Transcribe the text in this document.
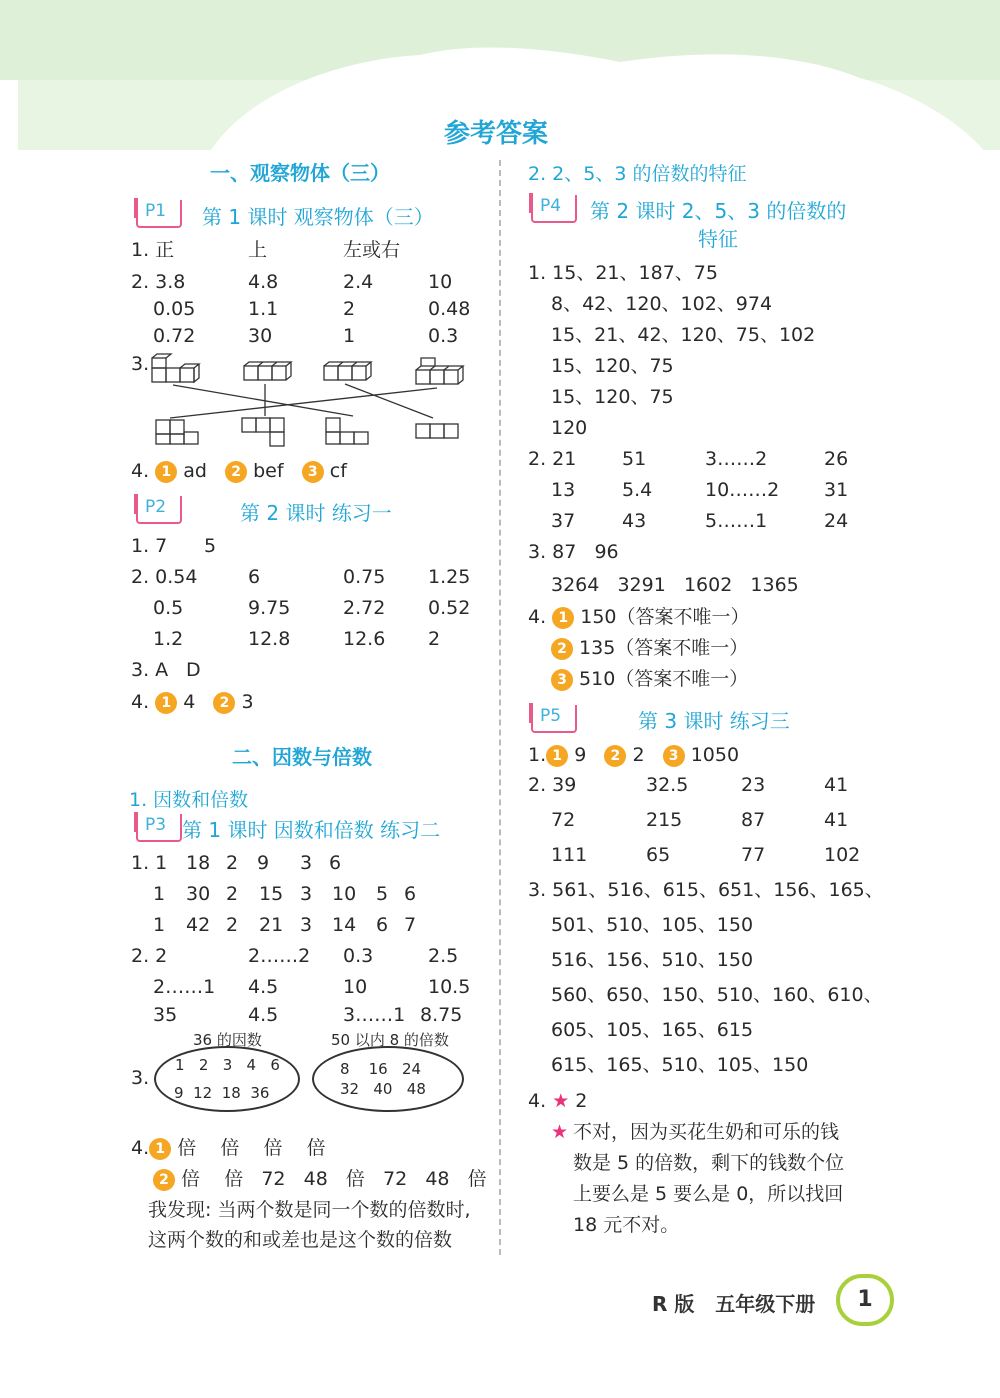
参考答案
一、观察物体（三）
P1	第 1 课时 观察物体（三）
1. 正	上	左或右
2. 3.8	4.8	2.4	10
0.05	1.1	2	0.48
0.72	30	1	0.3
3.
4. 1 ad 2 bef 3 cf
P2	第 2 课时 练习一
1. 7 5
2. 0.54	6	0.75 1.25
0.5	9.75	2.72 0.52
1.2	12.8	12.6 2
3. A D
4. 1 4 2 3
二、因数与倍数
1. 因数和倍数
P3 第 1 课时 因数和倍数 练习二
1. 1 18 2 9 3 6
1 30 2 15 3 10 5 6
1 42 2 21 3 14 6 7
2. 2	2……2 0.3	2.5
2……1 4.5	10	10.5
35	4.5	3……1 8.75
3.
36 的因数
1   2   3   4   6
9  12  18  36
50 以内 8 的倍数
8    16   24
32   40   48
4. 1 倍    倍    倍    倍
2 倍    倍   72   48   倍   72   48   倍
我发现: 当两个数是同一个数的倍数时,
这两个数的和或差也是这个数的倍数
2. 2、5、3 的倍数的特征
P4	第 2 课时 2、5、3 的倍数的
特征
1. 15、21、187、75
8、42、120、102、974
15、21、42、120、75、102
15、120、75
15、120、75
120
2. 21 51	3……2	26
13 5.4	10……2 31
37 43	5……1	24
3. 87   96
3264   3291   1602   1365
4. 1 150（答案不唯一）
2 135（答案不唯一）
3 510（答案不唯一）
P5	第 3 课时 练习三
1. 1 9 2 2 3 1050
2. 39	32.5	23	41
72	215	87	41
111	65	77	102
3. 561、516、615、651、156、165、
501、510、105、150
516、156、510、150
560、650、150、510、160、610、
605、105、165、615
615、165、510、105、150
4. ★ 2
★ 不对，因为买花生奶和可乐的钱
数是 5 的倍数，剩下的钱数个位
上要么是 5 要么是 0，所以找回
18 元不对。
R 版   五年级下册	1
